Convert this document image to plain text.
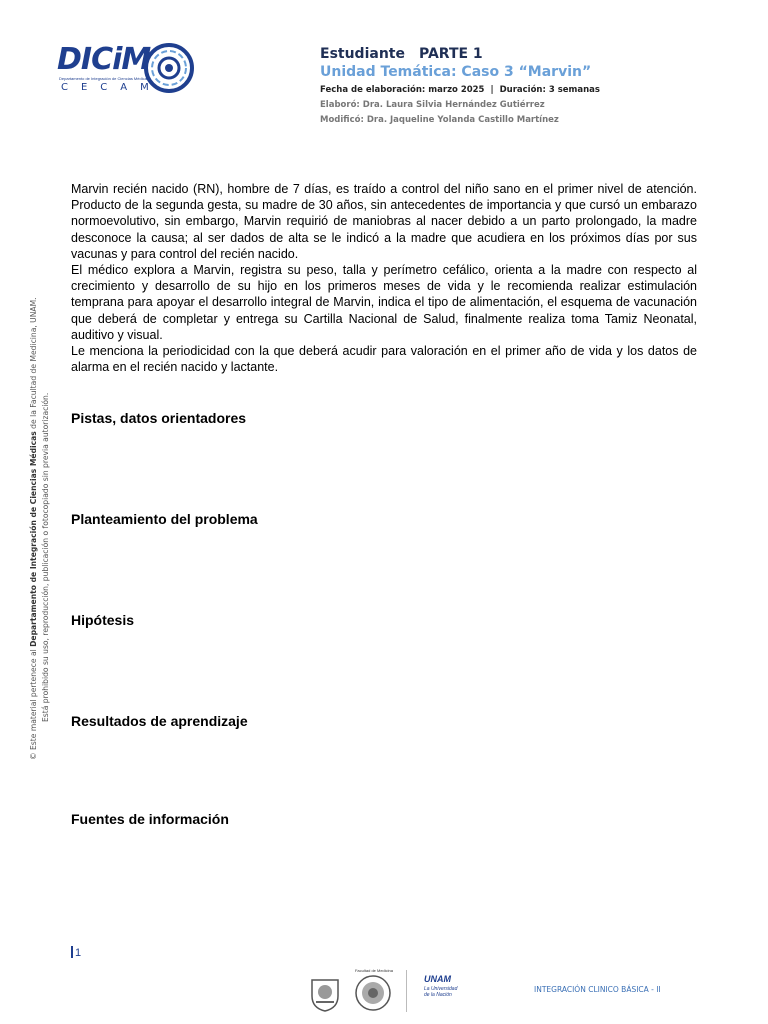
DICiM
Departamento de Integración de Ciencias Médicas
CECAM
Estudiante PARTE 1
Unidad Temática: Caso 3 “Marvin”
Fecha de elaboración: marzo 2025 | Duración: 3 semanas
Elaboró: Dra. Laura Silvia Hernández Gutiérrez
Modificó: Dra. Jaqueline Yolanda Castillo Martínez
© Este material pertenece al Departamento de Integración de Ciencias Médicas de la Facultad de Medicina, UNAM.
Está prohibido su uso, reproducción, publicación o fotocopiado sin previa autorización.

Marvin recién nacido (RN), hombre de 7 días, es traído a control del niño sano en el primer nivel de atención. Producto de la segunda gesta, su madre de 30 años, sin antecedentes de importancia y que cursó un embarazo normoevolutivo, sin embargo, Marvin requirió de maniobras al nacer debido a un parto prolongado, la madre desconoce la causa; al ser dados de alta se le indicó a la madre que acudiera en los próximos días por sus vacunas y para control del recién nacido.

El médico explora a Marvin, registra su peso, talla y perímetro cefálico, orienta a la madre con respecto al crecimiento y desarrollo de su hijo en los primeros meses de vida y le recomienda realizar estimulación temprana para apoyar el desarrollo integral de Marvin, indica el tipo de alimentación, el esquema de vacunación que deberá de completar y entrega su Cartilla Nacional de Salud, finalmente realiza toma Tamiz Neonatal, auditivo y visual.

Le menciona la periodicidad con la que deberá acudir para valoración en el primer año de vida y los datos de alarma en el recién nacido y lactante.

Pistas, datos orientadores
Planteamiento del problema
Hipótesis
Resultados de aprendizaje
Fuentes de información
1
Facultad de Medicina
UNAM
La Universidad de la Nación
INTEGRACIÓN CLINICO BÁSICA - II
